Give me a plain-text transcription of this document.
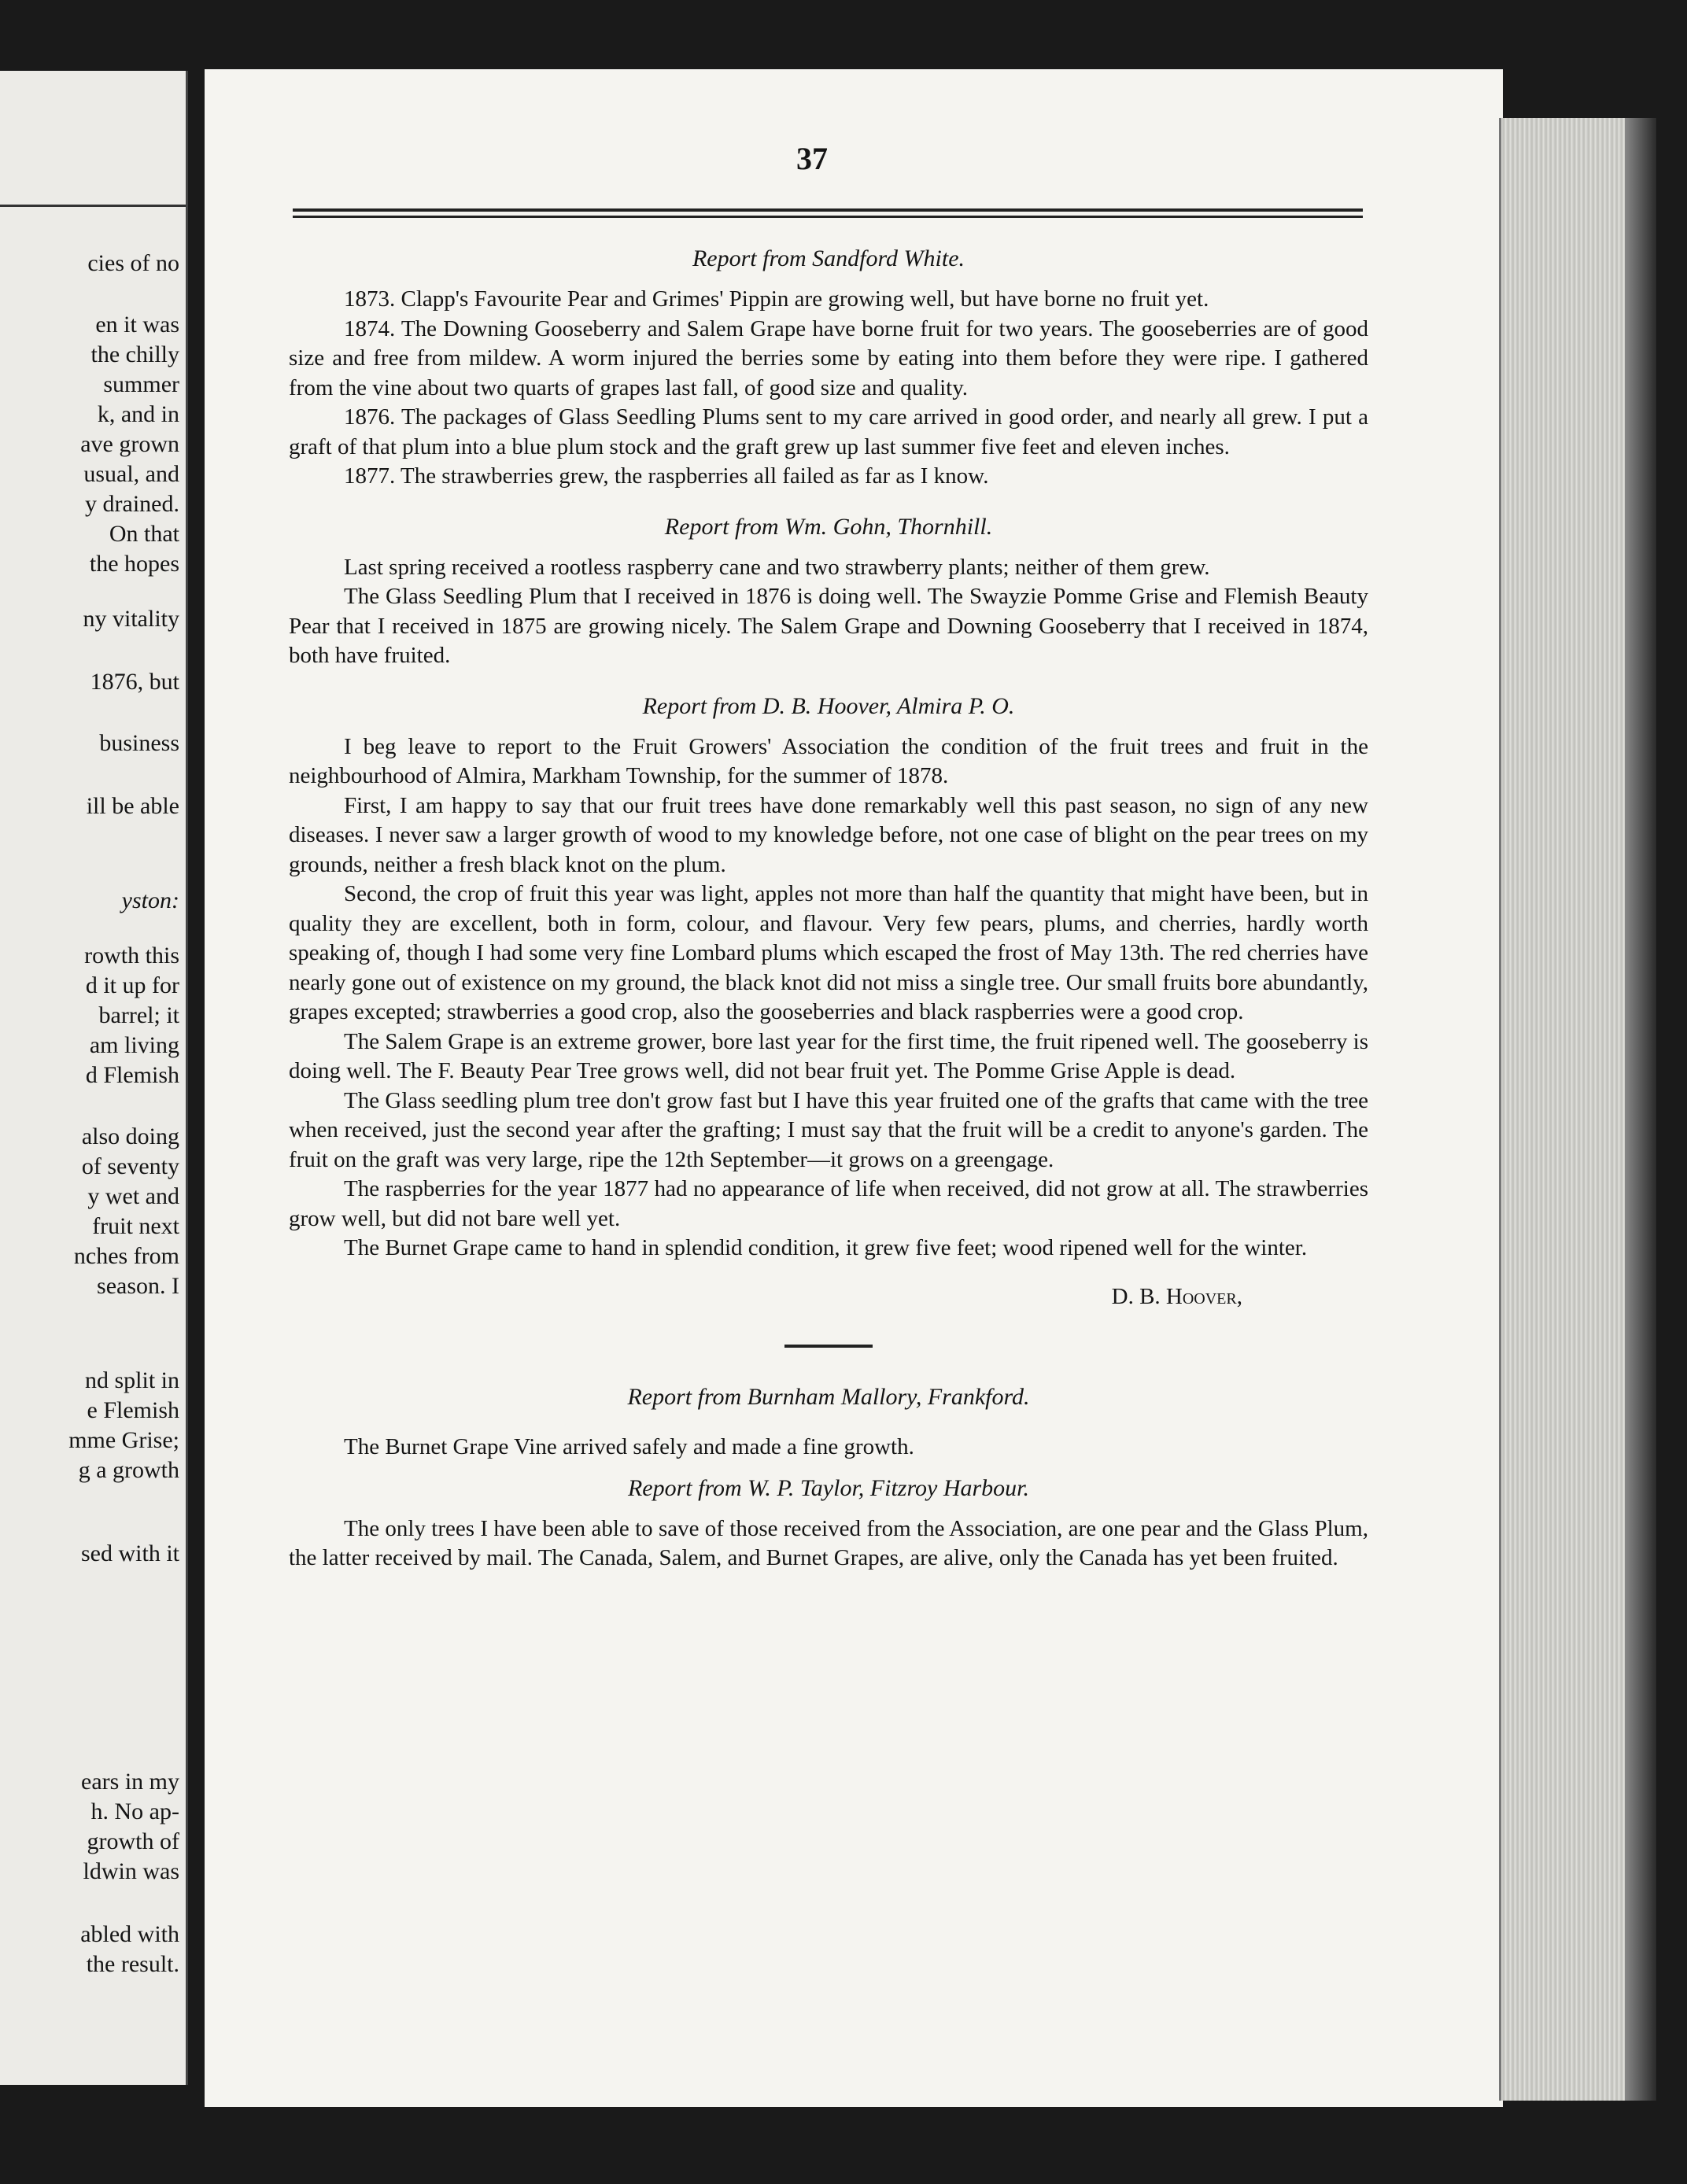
cies of no
en it was
the chilly
summer
k, and in
ave grown
usual, and
y drained.
On that
the hopes
ny vitality
1876, but
business
ill be able
yston:
rowth this
d it up for
barrel; it
am living
d Flemish
also doing
of seventy
y wet and
fruit next
nches from
season. I
nd split in
e Flemish
mme Grise;
g a growth
sed with it
ears in my
h. No ap-
growth of
ldwin was
abled with
the result.
37
Report from Sandford White.

1873. Clapp's Favourite Pear and Grimes' Pippin are growing well, but have borne no fruit yet.

1874. The Downing Gooseberry and Salem Grape have borne fruit for two years. The gooseberries are of good size and free from mildew. A worm injured the berries some by eating into them before they were ripe. I gathered from the vine about two quarts of grapes last fall, of good size and quality.

1876. The packages of Glass Seedling Plums sent to my care arrived in good order, and nearly all grew. I put a graft of that plum into a blue plum stock and the graft grew up last summer five feet and eleven inches.

1877. The strawberries grew, the raspberries all failed as far as I know.

Report from Wm. Gohn, Thornhill.

Last spring received a rootless raspberry cane and two strawberry plants; neither of them grew.

The Glass Seedling Plum that I received in 1876 is doing well. The Swayzie Pomme Grise and Flemish Beauty Pear that I received in 1875 are growing nicely. The Salem Grape and Downing Gooseberry that I received in 1874, both have fruited.

Report from D. B. Hoover, Almira P. O.

I beg leave to report to the Fruit Growers' Association the condition of the fruit trees and fruit in the neighbourhood of Almira, Markham Township, for the summer of 1878.

First, I am happy to say that our fruit trees have done remarkably well this past season, no sign of any new diseases. I never saw a larger growth of wood to my knowledge before, not one case of blight on the pear trees on my grounds, neither a fresh black knot on the plum.

Second, the crop of fruit this year was light, apples not more than half the quantity that might have been, but in quality they are excellent, both in form, colour, and flavour. Very few pears, plums, and cherries, hardly worth speaking of, though I had some very fine Lombard plums which escaped the frost of May 13th. The red cherries have nearly gone out of existence on my ground, the black knot did not miss a single tree. Our small fruits bore abundantly, grapes excepted; strawberries a good crop, also the gooseberries and black raspberries were a good crop.

The Salem Grape is an extreme grower, bore last year for the first time, the fruit ripened well. The gooseberry is doing well. The F. Beauty Pear Tree grows well, did not bear fruit yet. The Pomme Grise Apple is dead.

The Glass seedling plum tree don't grow fast but I have this year fruited one of the grafts that came with the tree when received, just the second year after the grafting; I must say that the fruit will be a credit to anyone's garden. The fruit on the graft was very large, ripe the 12th September—it grows on a greengage.

The raspberries for the year 1877 had no appearance of life when received, did not grow at all. The strawberries grow well, but did not bare well yet.

The Burnet Grape came to hand in splendid condition, it grew five feet; wood ripened well for the winter.

D. B. Hoover,
Report from Burnham Mallory, Frankford.

The Burnet Grape Vine arrived safely and made a fine growth.

Report from W. P. Taylor, Fitzroy Harbour.

The only trees I have been able to save of those received from the Association, are one pear and the Glass Plum, the latter received by mail. The Canada, Salem, and Burnet Grapes, are alive, only the Canada has yet been fruited.
